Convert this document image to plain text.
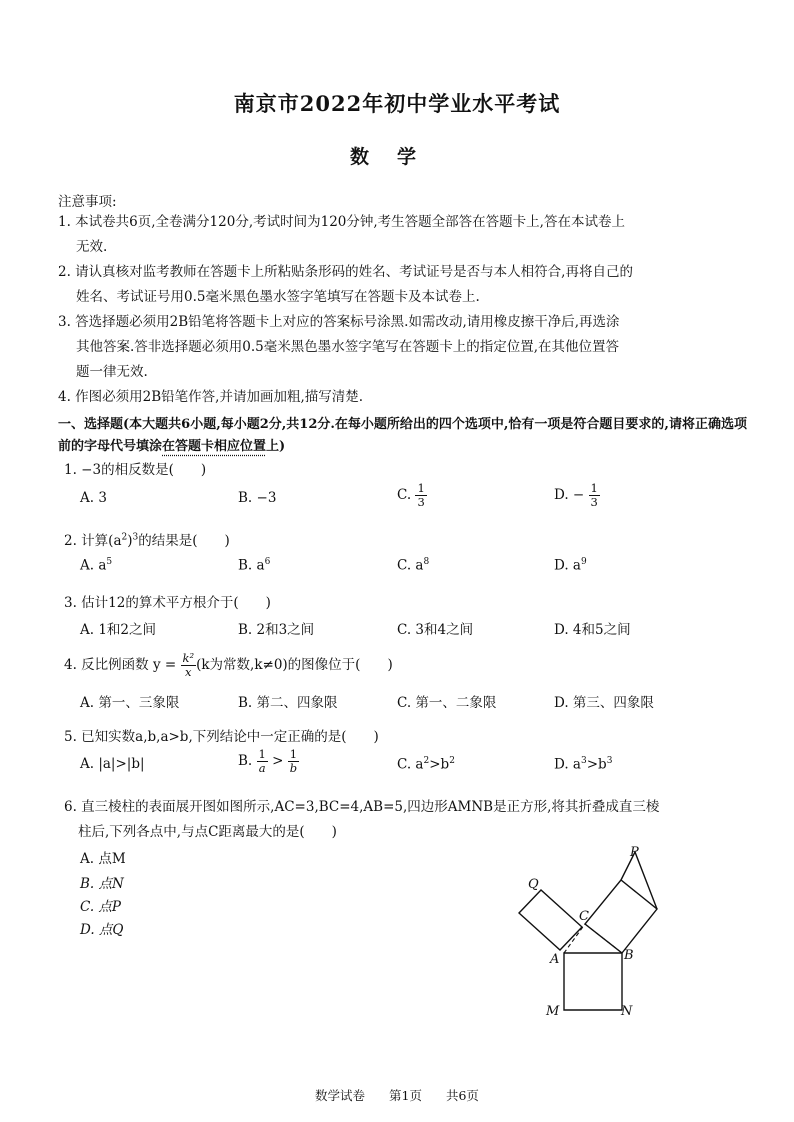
南京市2022年初中学业水平考试
数学
注意事项:
1. 本试卷共6页,全卷满分120分,考试时间为120分钟,考生答题全部答在答题卡上,答在本试卷上
无效.
2. 请认真核对监考教师在答题卡上所粘贴条形码的姓名、考试证号是否与本人相符合,再将自己的
姓名、考试证号用0.5毫米黑色墨水签字笔填写在答题卡及本试卷上.
3. 答选择题必须用2B铅笔将答题卡上对应的答案标号涂黑.如需改动,请用橡皮擦干净后,再选涂
其他答案.答非选择题必须用0.5毫米黑色墨水签字笔写在答题卡上的指定位置,在其他位置答
题一律无效.
4. 作图必须用2B铅笔作答,并请加画加粗,描写清楚.
一、选择题(本大题共6小题,每小题2分,共12分.在每小题所给出的四个选项中,恰有一项是符合题目要求的,请将正确选项前的字母代号填涂在答题卡相应位置上)
1. −3的相反数是(　　)
A. 3	B. −3	C. $\frac{1}{3}$	D. − $\frac{1}{3}$
2. 计算$(a^2)^3$的结果是(　　)
A. $a^5$	B. $a^6$	C. $a^8$	D. $a^9$
3. 估计12的算术平方根介于(　　)
A. 1和2之间	B. 2和3之间	C. 3和4之间	D. 4和5之间
4. 反比例函数 $y = \frac{\text{k²}}{x} (k$为常数,k≠0)的图像位于(　　)
A. 第一、三象限	B. 第二、四象限	C. 第一、二象限	D. 第三、四象限
5. 已知实数a,b,a>b,下列结论中一定正确的是(　　)
A. |a|>|b|	B. $\frac{1}{a} > \frac{1}{b}$	C. $a^2>b^2$	D. $a^3>b^3$
6. 直三棱柱的表面展开图如图所示,AC=3,BC=4,AB=5,四边形AMNB是正方形,将其折叠成直三棱
柱后,下列各点中,与点C距离最大的是(　　)
A. 点M
B. 点N
C. 点P
D. 点Q
P
Q
C
A	B
M	N
数学试卷 第1页 共6页
